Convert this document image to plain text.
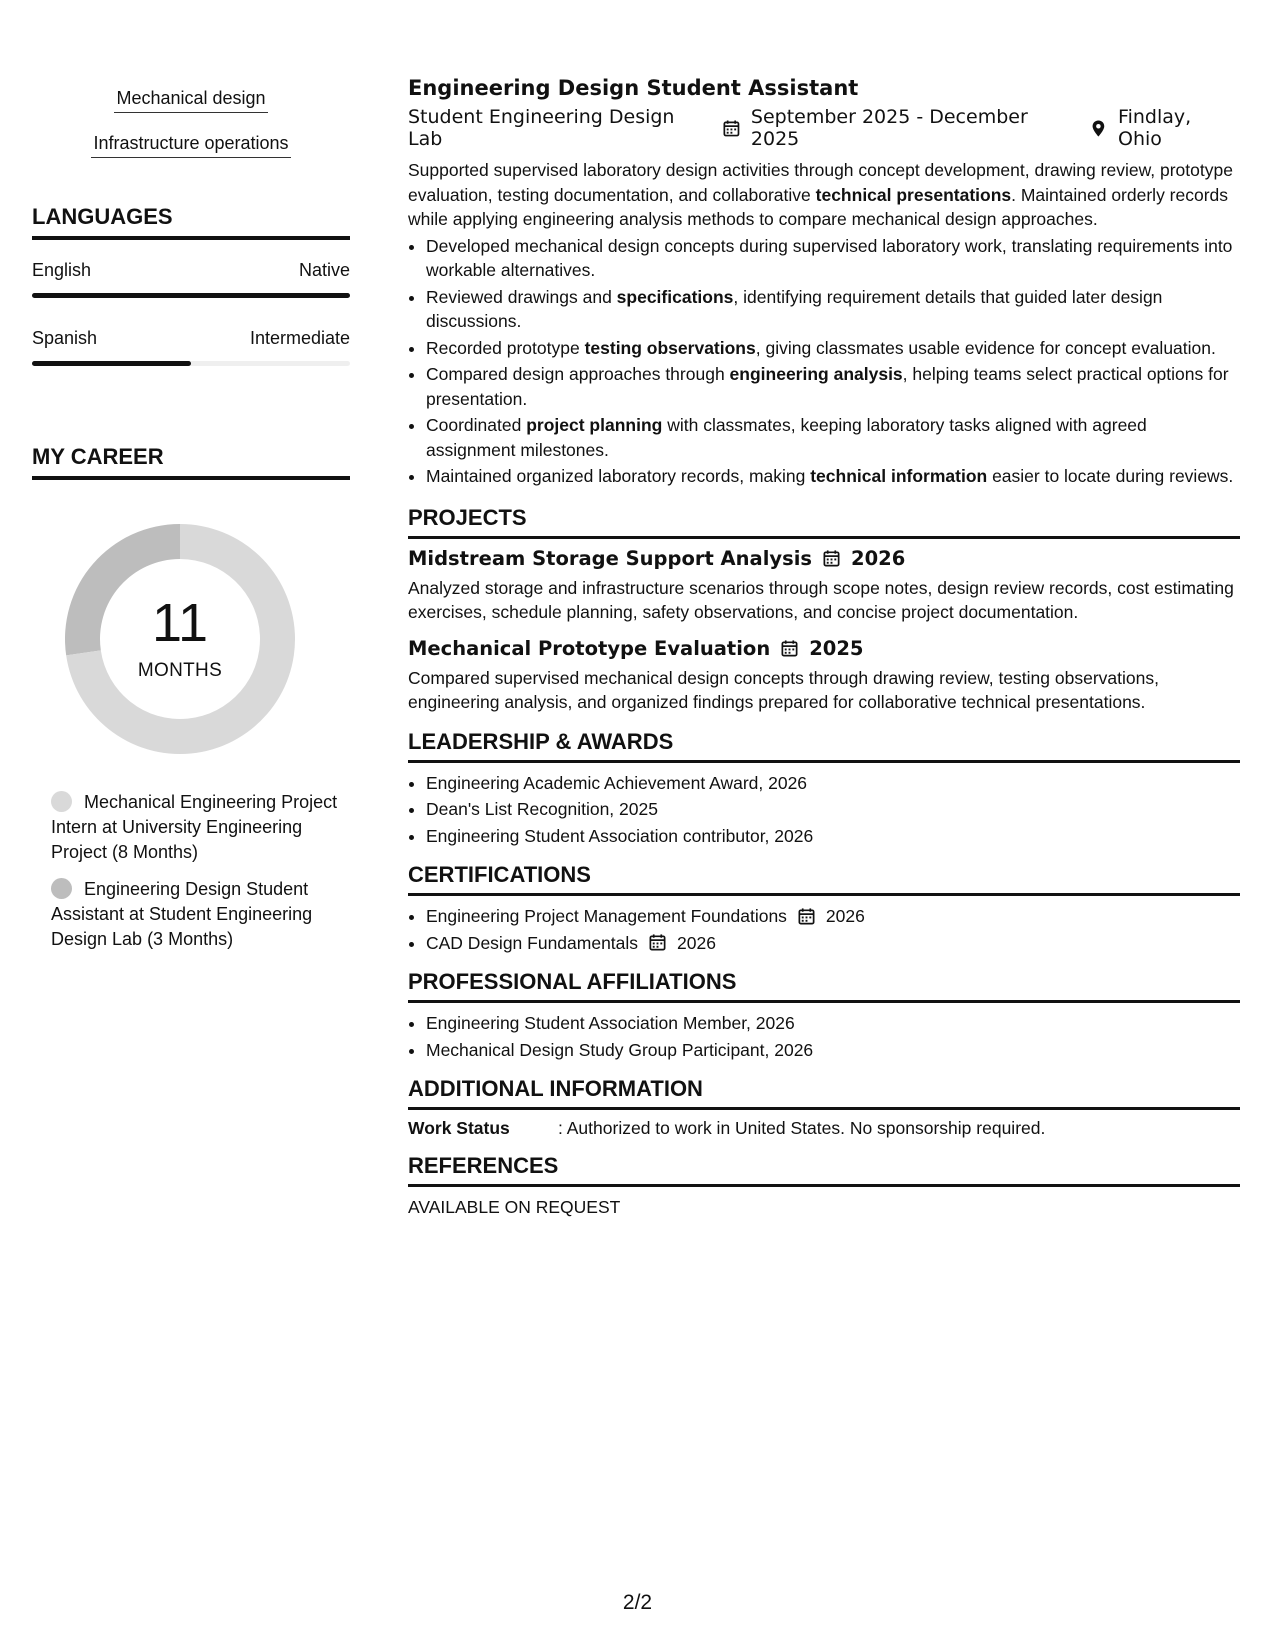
Mechanical design
Infrastructure operations
LANGUAGES
English	Native
Spanish	Intermediate
MY CAREER
11
MONTHS
Mechanical Engineering Project Intern at University Engineering Project (8 Months)
Engineering Design Student Assistant at Student Engineering Design Lab (3 Months)
Engineering Design Student Assistant
Student Engineering Design Lab
September 2025 - December 2025
Findlay, Ohio

Supported supervised laboratory design activities through concept development, drawing review, prototype evaluation, testing documentation, and collaborative technical presentations. Maintained orderly records while applying engineering analysis methods to compare mechanical design approaches.

• Developed mechanical design concepts during supervised laboratory work, translating requirements into workable alternatives.
• Reviewed drawings and specifications, identifying requirement details that guided later design discussions.
• Recorded prototype testing observations, giving classmates usable evidence for concept evaluation.
• Compared design approaches through engineering analysis, helping teams select practical options for presentation.
• Coordinated project planning with classmates, keeping laboratory tasks aligned with agreed assignment milestones.
• Maintained organized laboratory records, making technical information easier to locate during reviews.
PROJECTS
Midstream Storage Support Analysis 2026

Analyzed storage and infrastructure scenarios through scope notes, design review records, cost estimating exercises, schedule planning, safety observations, and concise project documentation.

Mechanical Prototype Evaluation 2025

Compared supervised mechanical design concepts through drawing review, testing observations, engineering analysis, and organized findings prepared for collaborative technical presentations.

LEADERSHIP & AWARDS
• Engineering Academic Achievement Award, 2026
• Dean's List Recognition, 2025
• Engineering Student Association contributor, 2026
CERTIFICATIONS
• Engineering Project Management Foundations 2026
• CAD Design Fundamentals 2026
PROFESSIONAL AFFILIATIONS
• Engineering Student Association Member, 2026
• Mechanical Design Study Group Participant, 2026
ADDITIONAL INFORMATION
Work Status	: Authorized to work in United States. No sponsorship required.
REFERENCES
AVAILABLE ON REQUEST
2/2
